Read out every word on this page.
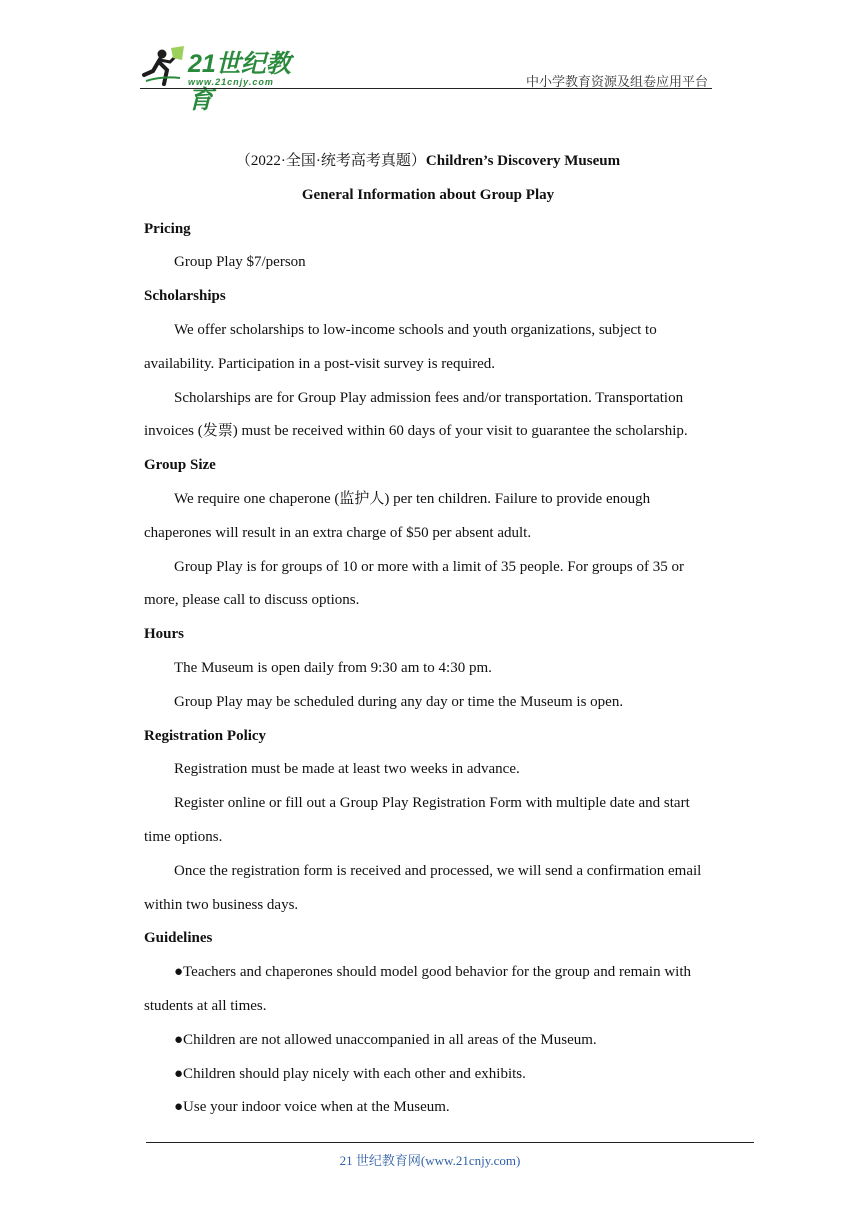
21世纪教育
www.21cnjy.com	中小学教育资源及组卷应用平台

（2022·全国·统考高考真题）Children’s Discovery Museum

General Information about Group Play

Pricing

Group Play $7/person

Scholarships

We offer scholarships to low-income schools and youth organizations, subject to availability. Participation in a post-visit survey is required.

Scholarships are for Group Play admission fees and/or transportation. Transportation invoices (发票) must be received within 60 days of your visit to guarantee the scholarship.

Group Size

We require one chaperone (监护人) per ten children. Failure to provide enough chaperones will result in an extra charge of $50 per absent adult.

Group Play is for groups of 10 or more with a limit of 35 people. For groups of 35 or more, please call to discuss options.

Hours

The Museum is open daily from 9:30 am to 4:30 pm.

Group Play may be scheduled during any day or time the Museum is open.

Registration Policy

Registration must be made at least two weeks in advance.

Register online or fill out a Group Play Registration Form with multiple date and start time options.

Once the registration form is received and processed, we will send a confirmation email within two business days.

Guidelines

●Teachers and chaperones should model good behavior for the group and remain with students at all times.

●Children are not allowed unaccompanied in all areas of the Museum.

●Children should play nicely with each other and exhibits.

●Use your indoor voice when at the Museum.

21 世纪教育网(www.21cnjy.com)
